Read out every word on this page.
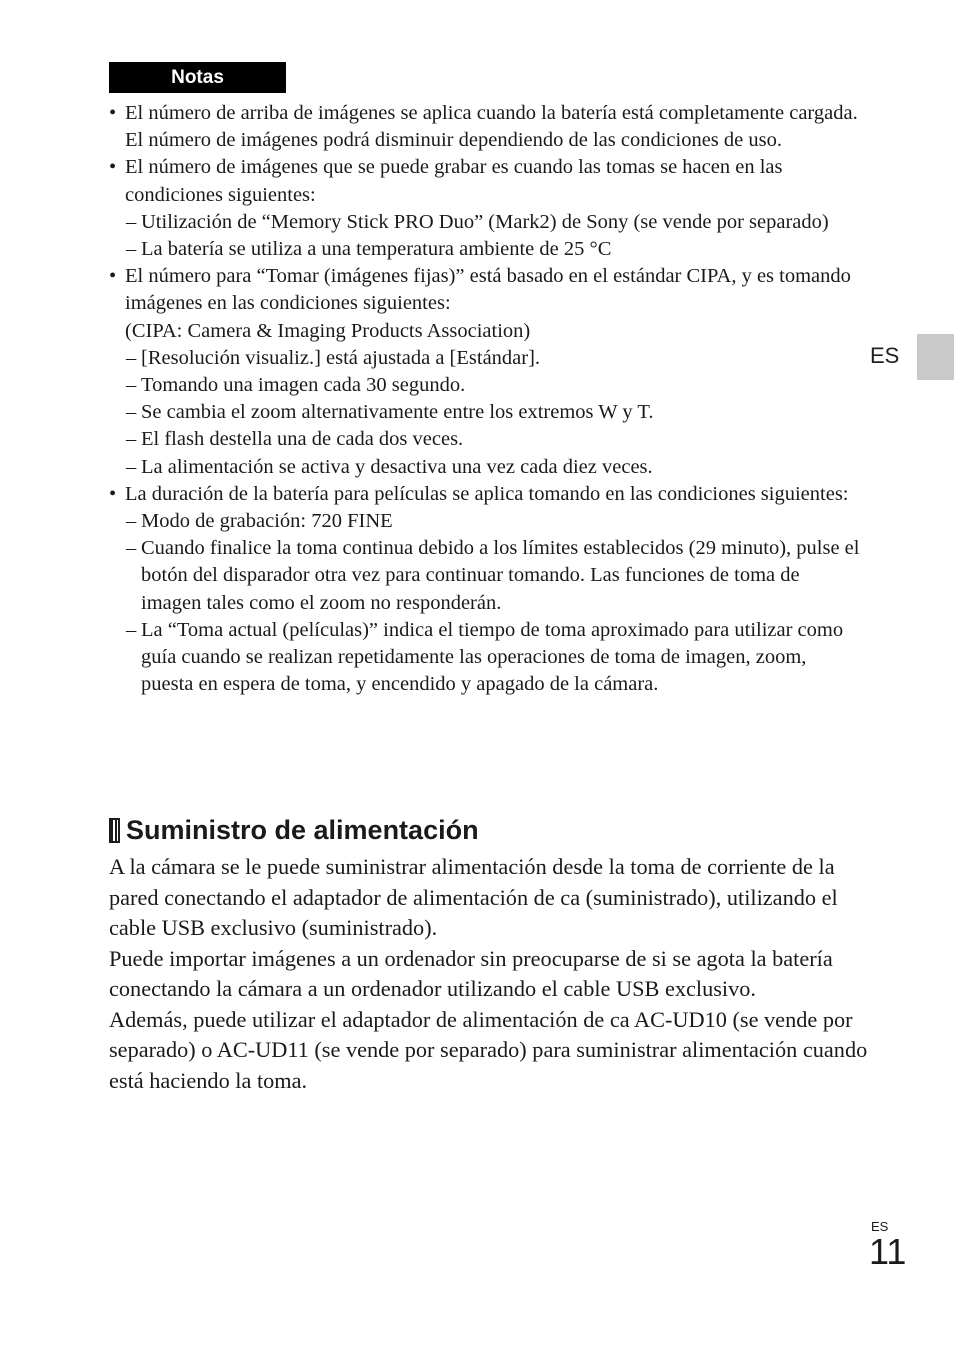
Notas
ES
• El número de arriba de imágenes se aplica cuando la batería está completamente cargada. El número de imágenes podrá disminuir dependiendo de las condiciones de uso.
• El número de imágenes que se puede grabar es cuando las tomas se hacen en las condiciones siguientes:
– Utilización de “Memory Stick PRO Duo” (Mark2) de Sony (se vende por separado)
– La batería se utiliza a una temperatura ambiente de 25 °C
• El número para “Tomar (imágenes fijas)” está basado en el estándar CIPA, y es tomando imágenes en las condiciones siguientes:
(CIPA: Camera & Imaging Products Association)
– [Resolución visualiz.] está ajustada a [Estándar].
– Tomando una imagen cada 30 segundo.
– Se cambia el zoom alternativamente entre los extremos W y T.
– El flash destella una de cada dos veces.
– La alimentación se activa y desactiva una vez cada diez veces.
• La duración de la batería para películas se aplica tomando en las condiciones siguientes:
– Modo de grabación: 720 FINE
– Cuando finalice la toma continua debido a los límites establecidos (29 minuto), pulse el botón del disparador otra vez para continuar tomando. Las funciones de toma de imagen tales como el zoom no responderán.
– La “Toma actual (películas)” indica el tiempo de toma aproximado para utilizar como guía cuando se realizan repetidamente las operaciones de toma de imagen, zoom, puesta en espera de toma, y encendido y apagado de la cámara.
Suministro de alimentación

A la cámara se le puede suministrar alimentación desde la toma de corriente de la pared conectando el adaptador de alimentación de ca (suministrado), utilizando el cable USB exclusivo (suministrado).

Puede importar imágenes a un ordenador sin preocuparse de si se agota la batería conectando la cámara a un ordenador utilizando el cable USB exclusivo.

Además, puede utilizar el adaptador de alimentación de ca AC-UD10 (se vende por separado) o AC-UD11 (se vende por separado) para suministrar alimentación cuando está haciendo la toma.

ES
11
